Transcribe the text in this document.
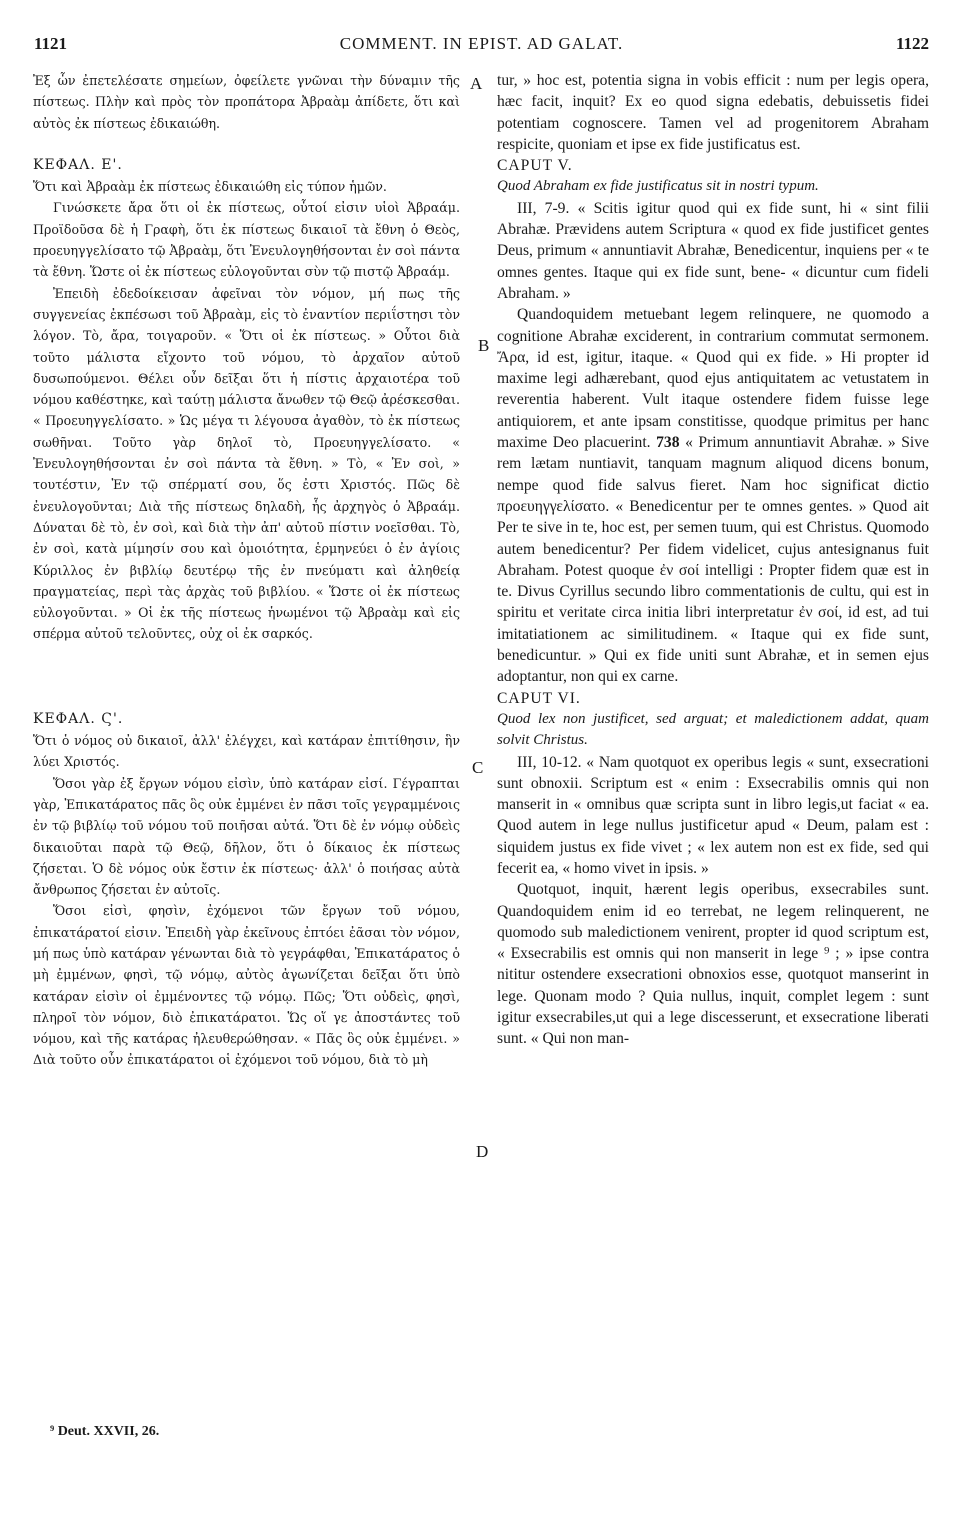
1121	COMMENT. IN EPIST. AD GALAT.	1122
A
B
C
D

Ἐξ ὧν ἐπετελέσατε σημείων, ὀφείλετε γνῶναι τὴν δύναμιν τῆς πίστεως. Πλὴν καὶ πρὸς τὸν προπάτορα Ἀβραὰμ ἀπίδετε, ὅτι καὶ αὐτὸς ἐκ πίστεως ἐδικαιώθη.

ΚΕΦΑΛ. Ε'.

Ὅτι καὶ Ἀβραὰμ ἐκ πίστεως ἐδικαιώθη εἰς τύπον ἡμῶν.

Γινώσκετε ἄρα ὅτι οἱ ἐκ πίστεως, οὗτοί εἰσιν υἱοὶ Ἀβραάμ. Προϊδοῦσα δὲ ἡ Γραφὴ, ὅτι ἐκ πίστεως δικαιοῖ τὰ ἔθνη ὁ Θεὸς, προευηγγελίσατο τῷ Ἀβραὰμ, ὅτι Ἐνευλογηθήσονται ἐν σοὶ πάντα τὰ ἔθνη. Ὥστε οἱ ἐκ πίστεως εὐλογοῦνται σὺν τῷ πιστῷ Ἀβραάμ.

Ἐπειδὴ ἐδεδοίκεισαν ἀφεῖναι τὸν νόμον, μή πως τῆς συγγενείας ἐκπέσωσι τοῦ Ἀβραὰμ, εἰς τὸ ἐναντίον περιΐστησι τὸν λόγον. Τὸ, ἄρα, τοιγαροῦν. « Ὅτι οἱ ἐκ πίστεως. » Οὗτοι διὰ τοῦτο μάλιστα εἴχοντο τοῦ νόμου, τὸ ἀρχαῖον αὐτοῦ δυσωπούμενοι. Θέλει οὖν δεῖξαι ὅτι ἡ πίστις ἀρχαιοτέρα τοῦ νόμου καθέστηκε, καὶ ταύτῃ μάλιστα ἄνωθεν τῷ Θεῷ ἀρέσκεσθαι. « Προευηγγελίσατο. » Ὡς μέγα τι λέγουσα ἀγαθὸν, τὸ ἐκ πίστεως σωθῆναι. Τοῦτο γὰρ δηλοῖ τὸ, Προευηγγελίσατο. « Ἐνευλογηθήσονται ἐν σοὶ πάντα τὰ ἔθνη. » Τὸ, « Ἐν σοὶ, » τουτέστιν, Ἐν τῷ σπέρματί σου, ὅς ἐστι Χριστός. Πῶς δὲ ἐνευλογοῦνται; Διὰ τῆς πίστεως δηλαδὴ, ἧς ἀρχηγὸς ὁ Ἀβραάμ. Δύναται δὲ τὸ, ἐν σοὶ, καὶ διὰ τὴν ἀπ' αὐτοῦ πίστιν νοεῖσθαι. Τὸ, ἐν σοὶ, κατὰ μίμησίν σου καὶ ὁμοιότητα, ἑρμηνεύει ὁ ἐν ἁγίοις Κύριλλος ἐν βιβλίῳ δευτέρῳ τῆς ἐν πνεύματι καὶ ἀληθείᾳ πραγματείας, περὶ τὰς ἀρχὰς τοῦ βιβλίου. « Ὥστε οἱ ἐκ πίστεως εὐλογοῦνται. » Οἱ ἐκ τῆς πίστεως ἡνωμένοι τῷ Ἀβραὰμ καὶ εἰς σπέρμα αὐτοῦ τελοῦντες, οὐχ οἱ ἐκ σαρκός.

ΚΕΦΑΛ. Ϛ'.

Ὅτι ὁ νόμος οὐ δικαιοῖ, ἀλλ' ἐλέγχει, καὶ κατάραν ἐπιτίθησιν, ἣν λύει Χριστός.

Ὅσοι γὰρ ἐξ ἔργων νόμου εἰσὶν, ὑπὸ κατάραν εἰσί. Γέγραπται γὰρ, Ἐπικατάρατος πᾶς ὃς οὐκ ἐμμένει ἐν πᾶσι τοῖς γεγραμμένοις ἐν τῷ βιβλίῳ τοῦ νόμου τοῦ ποιῆσαι αὐτά. Ὅτι δὲ ἐν νόμῳ οὐδεὶς δικαιοῦται παρὰ τῷ Θεῷ, δῆλον, ὅτι ὁ δίκαιος ἐκ πίστεως ζήσεται. Ὁ δὲ νόμος οὐκ ἔστιν ἐκ πίστεως· ἀλλ' ὁ ποιήσας αὐτὰ ἄνθρωπος ζήσεται ἐν αὐτοῖς.

Ὅσοι εἰσὶ, φησὶν, ἐχόμενοι τῶν ἔργων τοῦ νόμου, ἐπικατάρατοί εἰσιν. Ἐπειδὴ γὰρ ἐκεῖνους ἐπτόει ἐᾶσαι τὸν νόμον, μή πως ὑπὸ κατάραν γένωνται διὰ τὸ γεγράφθαι, Ἐπικατάρατος ὁ μὴ ἐμμένων, φησὶ, τῷ νόμῳ, αὐτὸς ἀγωνίζεται δεῖξαι ὅτι ὑπὸ κατάραν εἰσὶν οἱ ἐμμένοντες τῷ νόμῳ. Πῶς; Ὅτι οὐδεὶς, φησὶ, πληροῖ τὸν νόμον, διὸ ἐπικατάρατοι. Ὥς οἵ γε ἀποστάντες τοῦ νόμου, καὶ τῆς κατάρας ἠλευθερώθησαν. « Πᾶς ὃς οὐκ ἐμμένει. » Διὰ τοῦτο οὖν ἐπικατάρατοι οἱ ἐχόμενοι τοῦ νόμου, διὰ τὸ μὴ

tur, » hoc est, potentia signa in vobis efficit : num per legis opera, hæc facit, inquit? Ex eo quod signa edebatis, debuissetis fidei potentiam cognoscere. Tamen vel ad progenitorem Abraham respicite, quoniam et ipse ex fide justificatus est.

CAPUT V.

Quod Abraham ex fide justificatus sit in nostri typum.

III, 7-9. « Scitis igitur quod qui ex fide sunt, hi « sint filii Abrahæ. Prævidens autem Scriptura « quod ex fide justificet gentes Deus, primum « annuntiavit Abrahæ, Benedicentur, inquiens per « te omnes gentes. Itaque qui ex fide sunt, bene- « dicuntur cum fideli Abraham. »

Quandoquidem metuebant legem relinquere, ne quomodo a cognitione Abrahæ exciderent, in contrarium commutat sermonem. Ἄρα, id est, igitur, itaque. « Quod qui ex fide. » Hi propter id maxime legi adhærebant, quod ejus antiquitatem ac vetustatem in reverentia haberent. Vult itaque ostendere fidem fuisse lege antiquiorem, et ante ipsam constitisse, quodque primitus per hanc maxime Deo placuerint. 738 « Primum annuntiavit Abrahæ. » Sive rem lætam nuntiavit, tanquam magnum aliquod dicens bonum, nempe quod fide salvus fieret. Nam hoc significat dictio προευηγγελίσατο. « Benedicentur per te omnes gentes. » Quod ait Per te sive in te, hoc est, per semen tuum, qui est Christus. Quomodo autem benedicentur? Per fidem videlicet, cujus antesignanus fuit Abraham. Potest quoque ἐν σοί intelligi : Propter fidem quæ est in te. Divus Cyrillus secundo libro commentationis de cultu, qui est in spiritu et veritate circa initia libri interpretatur ἐν σοί, id est, ad tui imitatiationem ac similitudinem. « Itaque qui ex fide sunt, benedicuntur. » Qui ex fide uniti sunt Abrahæ, et in semen ejus adoptantur, non qui ex carne.

CAPUT VI.

Quod lex non justificet, sed arguat; et maledictionem addat, quam solvit Christus.

III, 10-12. « Nam quotquot ex operibus legis « sunt, exsecrationi sunt obnoxii. Scriptum est « enim : Exsecrabilis omnis qui non manserit in « omnibus quæ scripta sunt in libro legis,ut faciat « ea. Quod autem in lege nullus justificetur apud « Deum, palam est : siquidem justus ex fide vivet ; « lex autem non est ex fide, sed qui fecerit ea, « homo vivet in ipsis. »

Quotquot, inquit, hærent legis operibus, exsecrabiles sunt. Quandoquidem enim id eo terrebat, ne legem relinquerent, ne quomodo sub maledictionem venirent, propter id quod scriptum est, « Exsecrabilis est omnis qui non manserit in lege ⁹ ; » ipse contra nititur ostendere exsecrationi obnoxios esse, quotquot manserint in lege. Quonam modo ? Quia nullus, inquit, complet legem : sunt igitur exsecrabiles,ut qui a lege discesserunt, et exsecratione liberati sunt. « Qui non man-

⁹ Deut. XXVII, 26.
